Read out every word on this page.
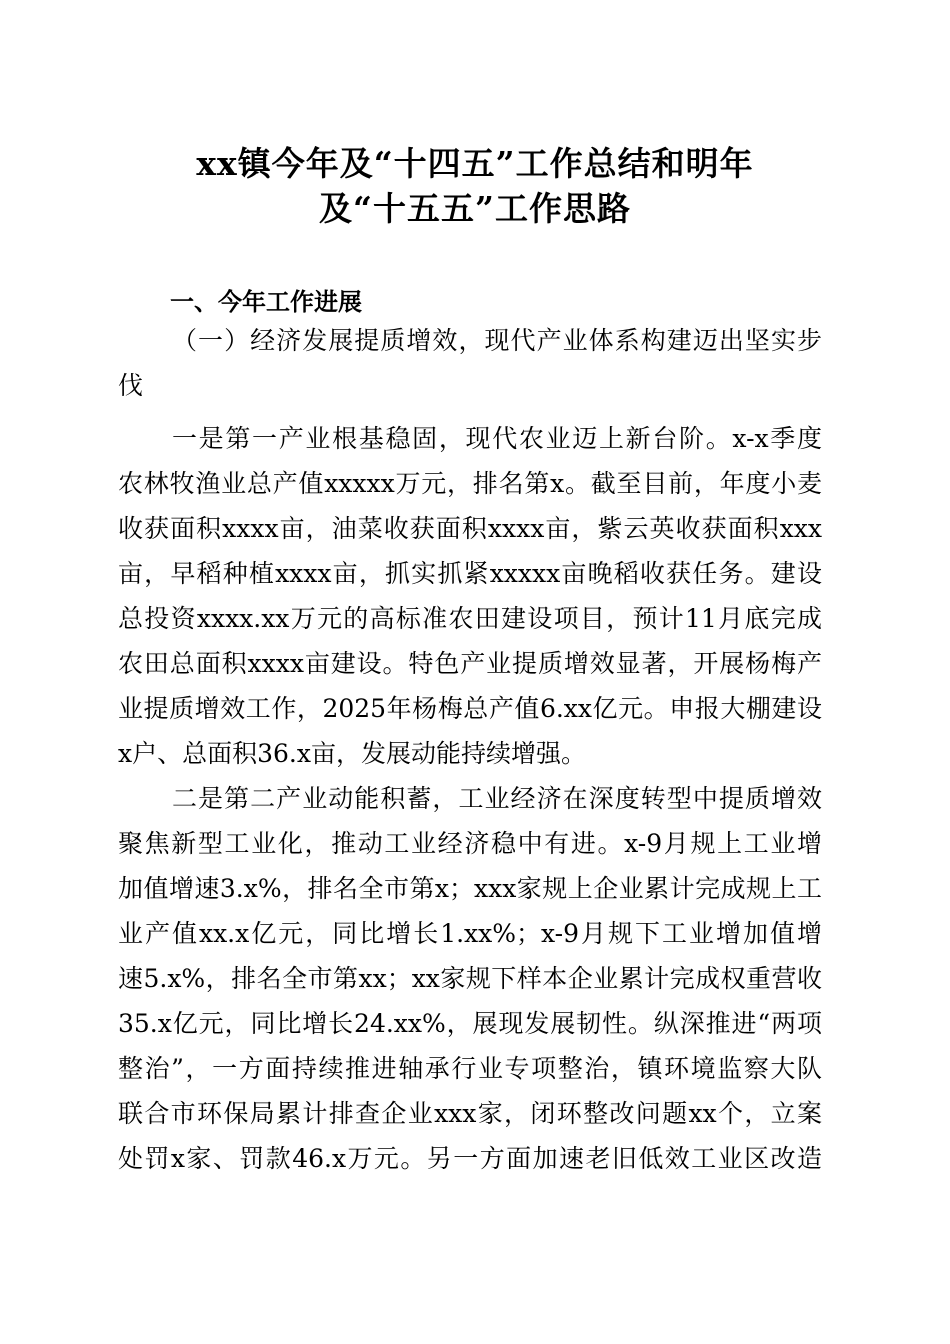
xx镇今年及“十四五”工作总结和明年
及“十五五”工作思路
一、今年工作进展
（一）经济发展提质增效，现代产业体系构建迈出坚实步
伐
一是第一产业根基稳固，现代农业迈上新台阶。x-x季度
农林牧渔业总产值xxxxx万元，排名第x。截至目前，年度小麦
收获面积xxxx亩，油菜收获面积xxxx亩，紫云英收获面积xxx
亩，早稻种植xxxx亩，抓实抓紧xxxxx亩晚稻收获任务。建设
总投资xxxx.xx万元的高标准农田建设项目，预计11月底完成
农田总面积xxxx亩建设。特色产业提质增效显著，开展杨梅产
业提质增效工作，2025年杨梅总产值6.xx亿元。申报大棚建设
x户、总面积36.x亩，发展动能持续增强。
二是第二产业动能积蓄，工业经济在深度转型中提质增效
聚焦新型工业化，推动工业经济稳中有进。x-9月规上工业增
加值增速3.x%，排名全市第x；xxx家规上企业累计完成规上工
业产值xx.x亿元，同比增长1.xx%；x-9月规下工业增加值增
速5.x%，排名全市第xx；xx家规下样本企业累计完成权重营收
35.x亿元，同比增长24.xx%，展现发展韧性。纵深推进“两项
整治”，一方面持续推进轴承行业专项整治，镇环境监察大队
联合市环保局累计排查企业xxx家，闭环整改问题xx个，立案
处罚x家、罚款46.x万元。另一方面加速老旧低效工业区改造
